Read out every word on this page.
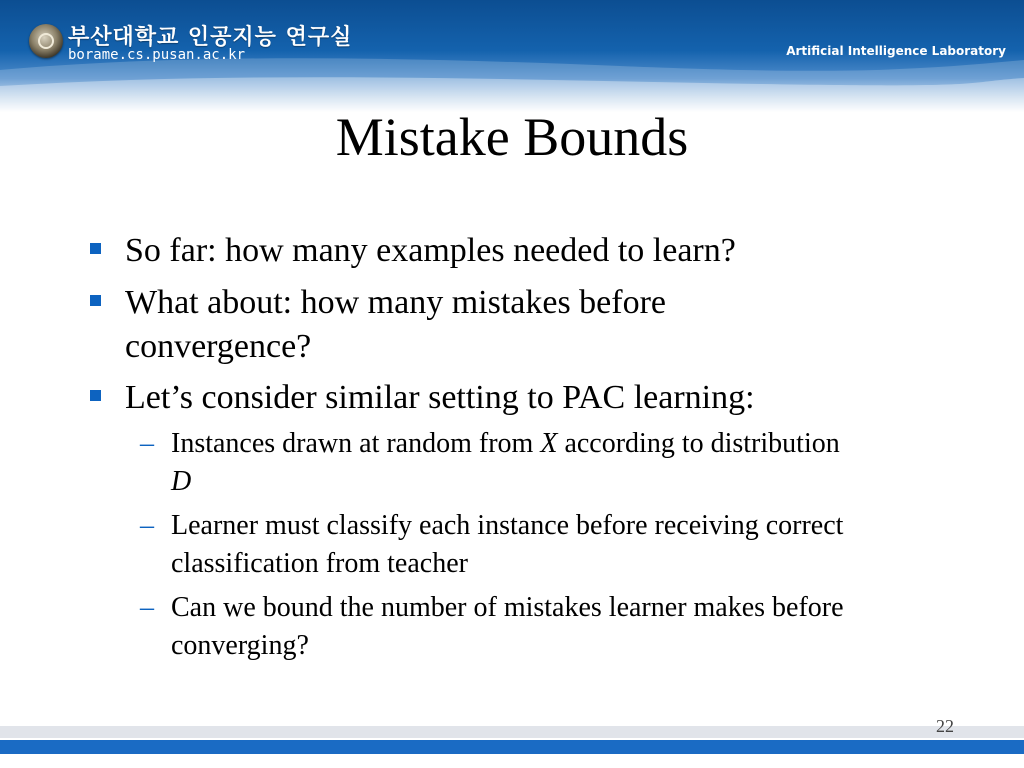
부산대학교 인공지능 연구실
borame.cs.pusan.ac.kr	Artificial Intelligence Laboratory
Mistake Bounds
So far: how many examples needed to learn?
What about: how many mistakes before convergence?
Let’s consider similar setting to PAC learning:
– Instances drawn at random from X according to distribution D
– Learner must classify each instance before receiving correct classification from teacher
– Can we bound the number of mistakes learner makes before converging?
22
